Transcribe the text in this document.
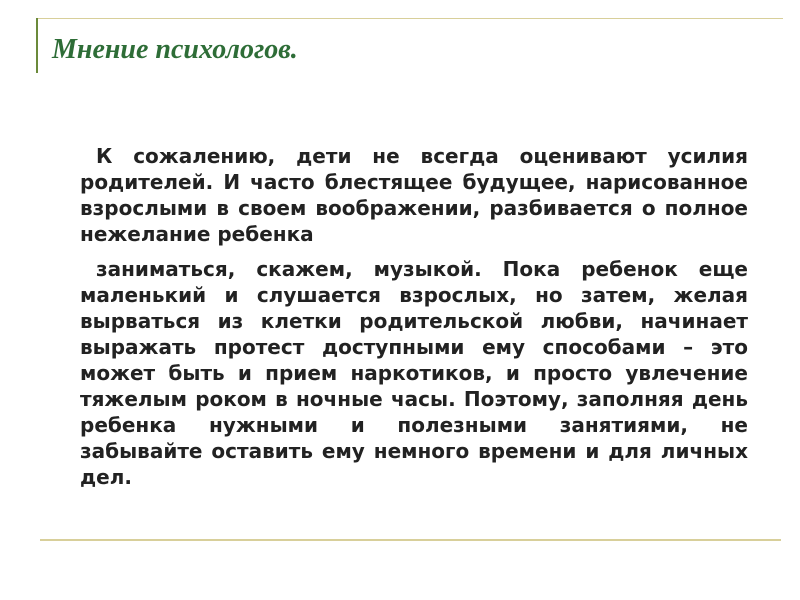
Мнение психологов.

К сожалению, дети не всегда оценивают усилия родителей. И часто блестящее будущее, нарисованное взрослыми в своем воображении, разбивается о полное нежелание ребенка

заниматься, скажем, музыкой. Пока ребенок еще маленький и слушается взрослых, но затем, желая вырваться из клетки родительской любви, начинает выражать протест доступными ему способами – это может быть и прием наркотиков, и просто увлечение тяжелым роком в ночные часы. Поэтому, заполняя день ребенка нужными и полезными занятиями, не забывайте оставить ему немного времени и для личных дел.
